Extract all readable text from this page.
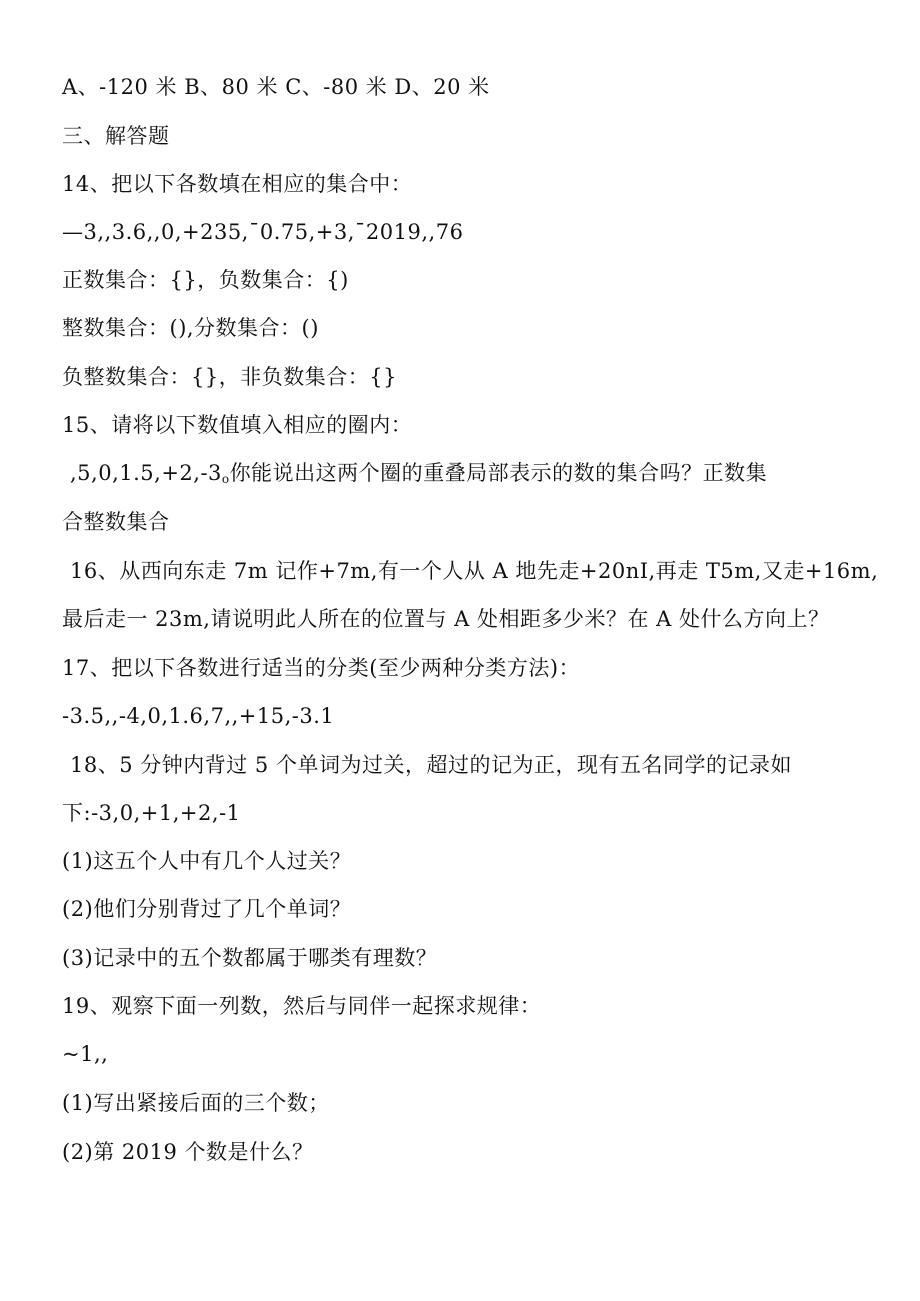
A、-120 米 B、80 米 C、-80 米 D、20 米
三、解答题
14、把以下各数填在相应的集合中：
—3,,3.6,,0,+235,ˉ0.75,+3,ˉ2019,,76
正数集合：{}，负数集合：{)
整数集合：(),分数集合：()
负整数集合：{}，非负数集合：{}
15、请将以下数值填入相应的圈内：
$,5,0,1.5,+2,-3_o$你能说出这两个圈的重叠局部表示的数的集合吗？正数集
合整数集合
16、从西向东走 7m 记作+7m,有一个人从 A 地先走+20nI,再走 T5m,又走+16m,
最后走一 23m,请说明此人所在的位置与 A 处相距多少米？在 A 处什么方向上？
17、把以下各数进行适当的分类(至少两种分类方法)：
-3.5,,-4,0,1.6,7,,+15,-3.1
18、5 分钟内背过 5 个单词为过关，超过的记为正，现有五名同学的记录如
下:-3,0,+1,+2,-1
(1)这五个人中有几个人过关？
(2)他们分别背过了几个单词？
(3)记录中的五个数都属于哪类有理数？
19、观察下面一列数，然后与同伴一起探求规律：
~1,,
(1)写出紧接后面的三个数；
(2)第 2019 个数是什么？
